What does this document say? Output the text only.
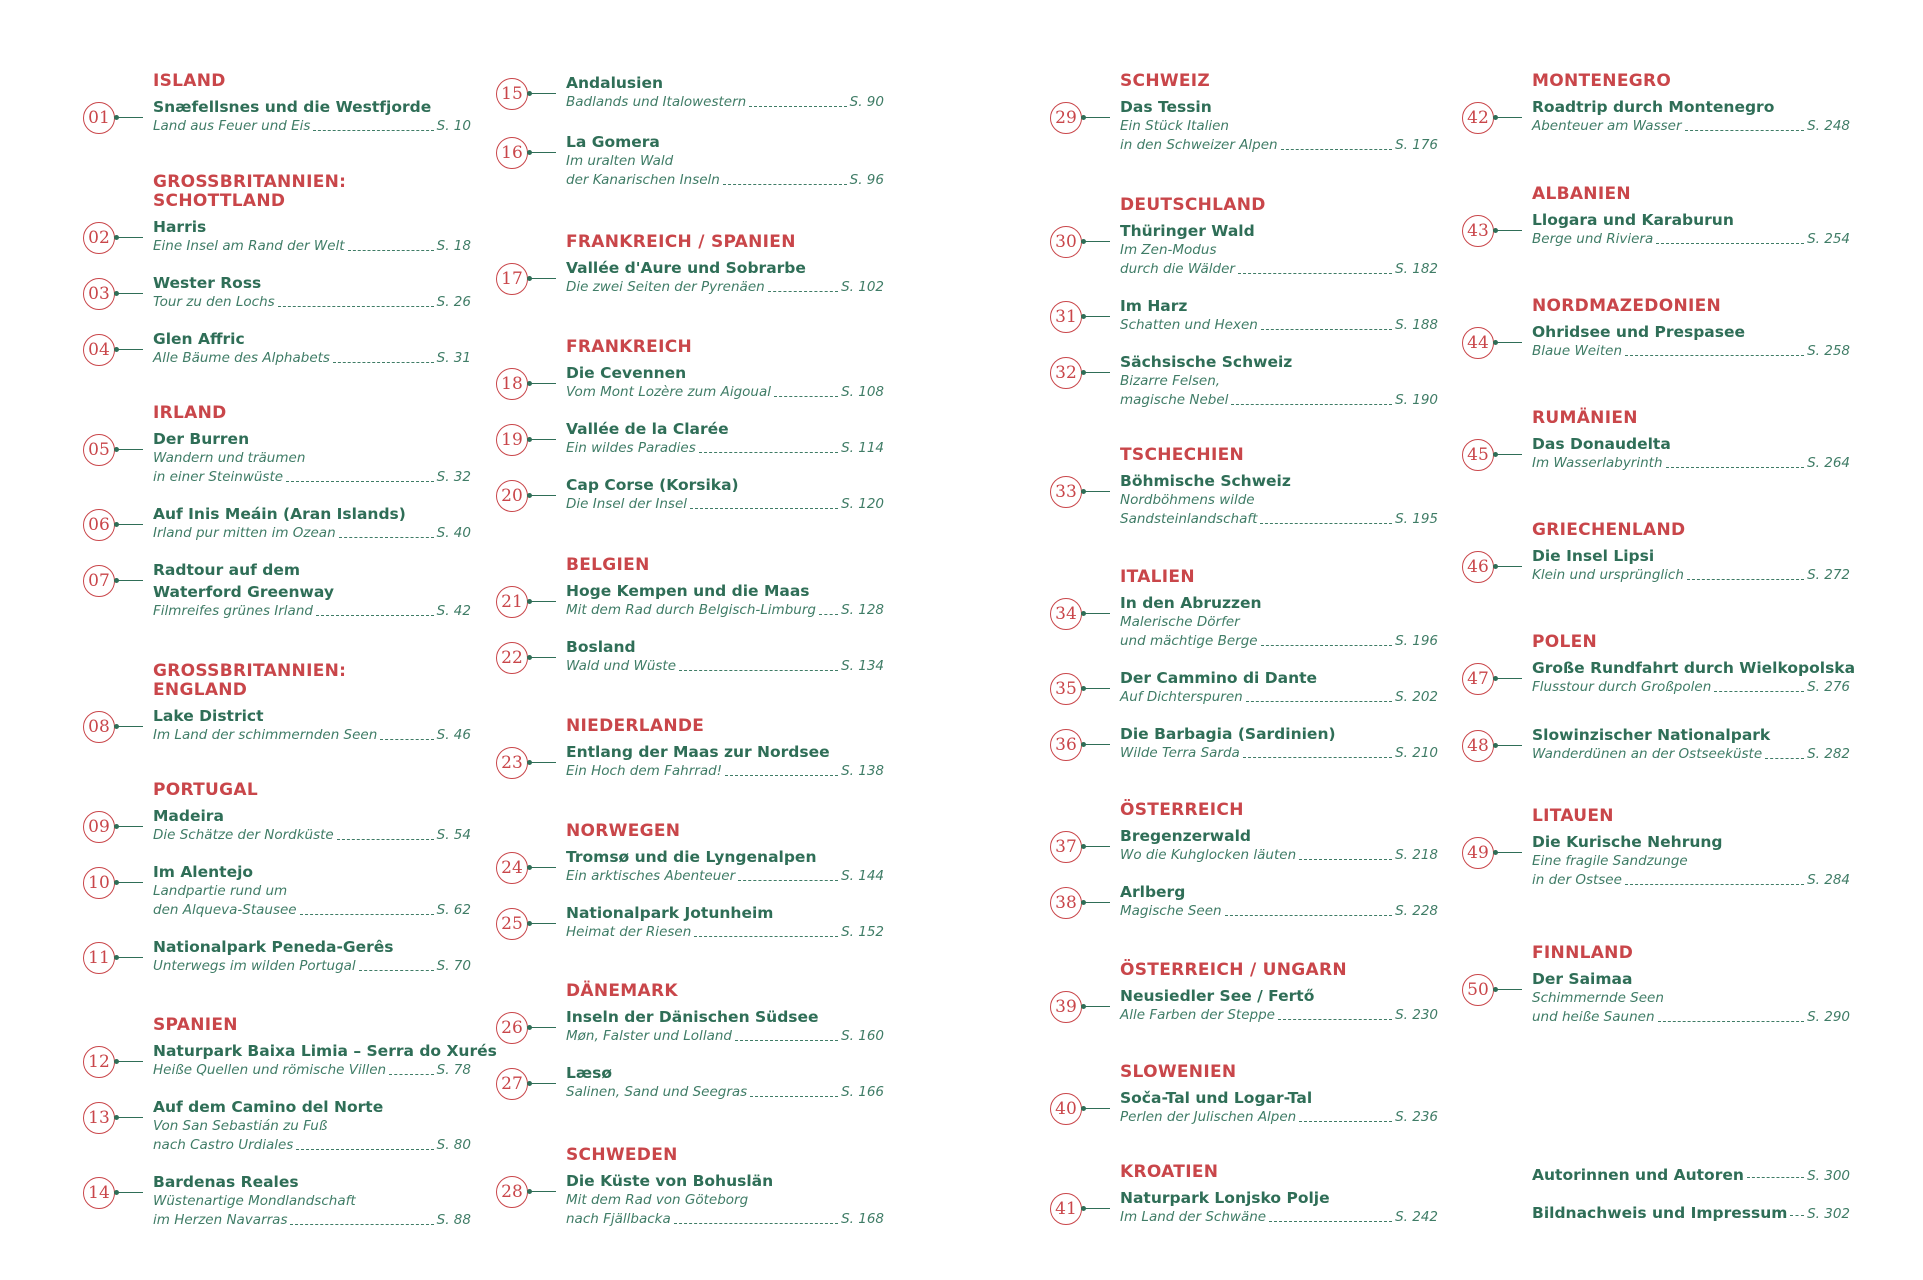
ISLAND
01
Snæfellsnes und die Westfjorde
Land aus Feuer und Eis	S. 10
GROSSBRITANNIEN:
SCHOTTLAND
02
Harris
Eine Insel am Rand der Welt	S. 18
03
Wester Ross
Tour zu den Lochs	S. 26
04
Glen Affric
Alle Bäume des Alphabets	S. 31
IRLAND
05
Der Burren
Wandern und träumen
in einer Steinwüste	S. 32
06
Auf Inis Meáin (Aran Islands)
Irland pur mitten im Ozean	S. 40
07
Radtour auf dem
Waterford Greenway
Filmreifes grünes Irland	S. 42
GROSSBRITANNIEN:
ENGLAND
08
Lake District
Im Land der schimmernden Seen	S. 46
PORTUGAL
09
Madeira
Die Schätze der Nordküste	S. 54
10
Im Alentejo
Landpartie rund um
den Alqueva-Stausee	S. 62
11
Nationalpark Peneda-Gerês
Unterwegs im wilden Portugal	S. 70
SPANIEN
12
Naturpark Baixa Limia – Serra do Xurés
Heiße Quellen und römische Villen	S. 78
13
Auf dem Camino del Norte
Von San Sebastián zu Fuß
nach Castro Urdiales	S. 80
14
Bardenas Reales
Wüstenartige Mondlandschaft
im Herzen Navarras	S. 88
15
Andalusien
Badlands und Italowestern	S. 90
16
La Gomera
Im uralten Wald
der Kanarischen Inseln	S. 96
FRANKREICH / SPANIEN
17
Vallée d'Aure und Sobrarbe
Die zwei Seiten der Pyrenäen	S. 102
FRANKREICH
18
Die Cevennen
Vom Mont Lozère zum Aigoual	S. 108
19
Vallée de la Clarée
Ein wildes Paradies	S. 114
20
Cap Corse (Korsika)
Die Insel der Insel	S. 120
BELGIEN
21
Hoge Kempen und die Maas
Mit dem Rad durch Belgisch-Limburg S. 128
22
Bosland
Wald und Wüste	S. 134
NIEDERLANDE
23
Entlang der Maas zur Nordsee
Ein Hoch dem Fahrrad!	S. 138
NORWEGEN
24
Tromsø und die Lyngenalpen
Ein arktisches Abenteuer	S. 144
25
Nationalpark Jotunheim
Heimat der Riesen	S. 152
DÄNEMARK
26
Inseln der Dänischen Südsee
Møn, Falster und Lolland	S. 160
27
Læsø
Salinen, Sand und Seegras	S. 166
SCHWEDEN
28
Die Küste von Bohuslän
Mit dem Rad von Göteborg
nach Fjällbacka	S. 168
SCHWEIZ
29
Das Tessin
Ein Stück Italien
in den Schweizer Alpen	S. 176
DEUTSCHLAND
30
Thüringer Wald
Im Zen-Modus
durch die Wälder	S. 182
31
Im Harz
Schatten und Hexen	S. 188
32
Sächsische Schweiz
Bizarre Felsen,
magische Nebel	S. 190
TSCHECHIEN
33
Böhmische Schweiz
Nordböhmens wilde
Sandsteinlandschaft	S. 195
ITALIEN
34
In den Abruzzen
Malerische Dörfer
und mächtige Berge	S. 196
35
Der Cammino di Dante
Auf Dichterspuren	S. 202
36
Die Barbagia (Sardinien)
Wilde Terra Sarda	S. 210
ÖSTERREICH
37
Bregenzerwald
Wo die Kuhglocken läuten	S. 218
38
Arlberg
Magische Seen	S. 228
ÖSTERREICH / UNGARN
39
Neusiedler See / Fertő
Alle Farben der Steppe	S. 230
SLOWENIEN
40
Soča-Tal und Logar-Tal
Perlen der Julischen Alpen	S. 236
KROATIEN
41
Naturpark Lonjsko Polje
Im Land der Schwäne	S. 242
MONTENEGRO
42
Roadtrip durch Montenegro
Abenteuer am Wasser	S. 248
ALBANIEN
43
Llogara und Karaburun
Berge und Riviera	S. 254
NORDMAZEDONIEN
44
Ohridsee und Prespasee
Blaue Weiten	S. 258
RUMÄNIEN
45
Das Donaudelta
Im Wasserlabyrinth	S. 264
GRIECHENLAND
46
Die Insel Lipsi
Klein und ursprünglich	S. 272
POLEN
47
Große Rundfahrt durch Wielkopolska
Flusstour durch Großpolen	S. 276
48
Slowinzischer Nationalpark
Wanderdünen an der Ostseeküste	S. 282
LITAUEN
49
Die Kurische Nehrung
Eine fragile Sandzunge
in der Ostsee	S. 284
FINNLAND
50
Der Saimaa
Schimmernde Seen
und heiße Saunen	S. 290
Autorinnen und Autoren	S. 300
Bildnachweis und Impressum S. 302
